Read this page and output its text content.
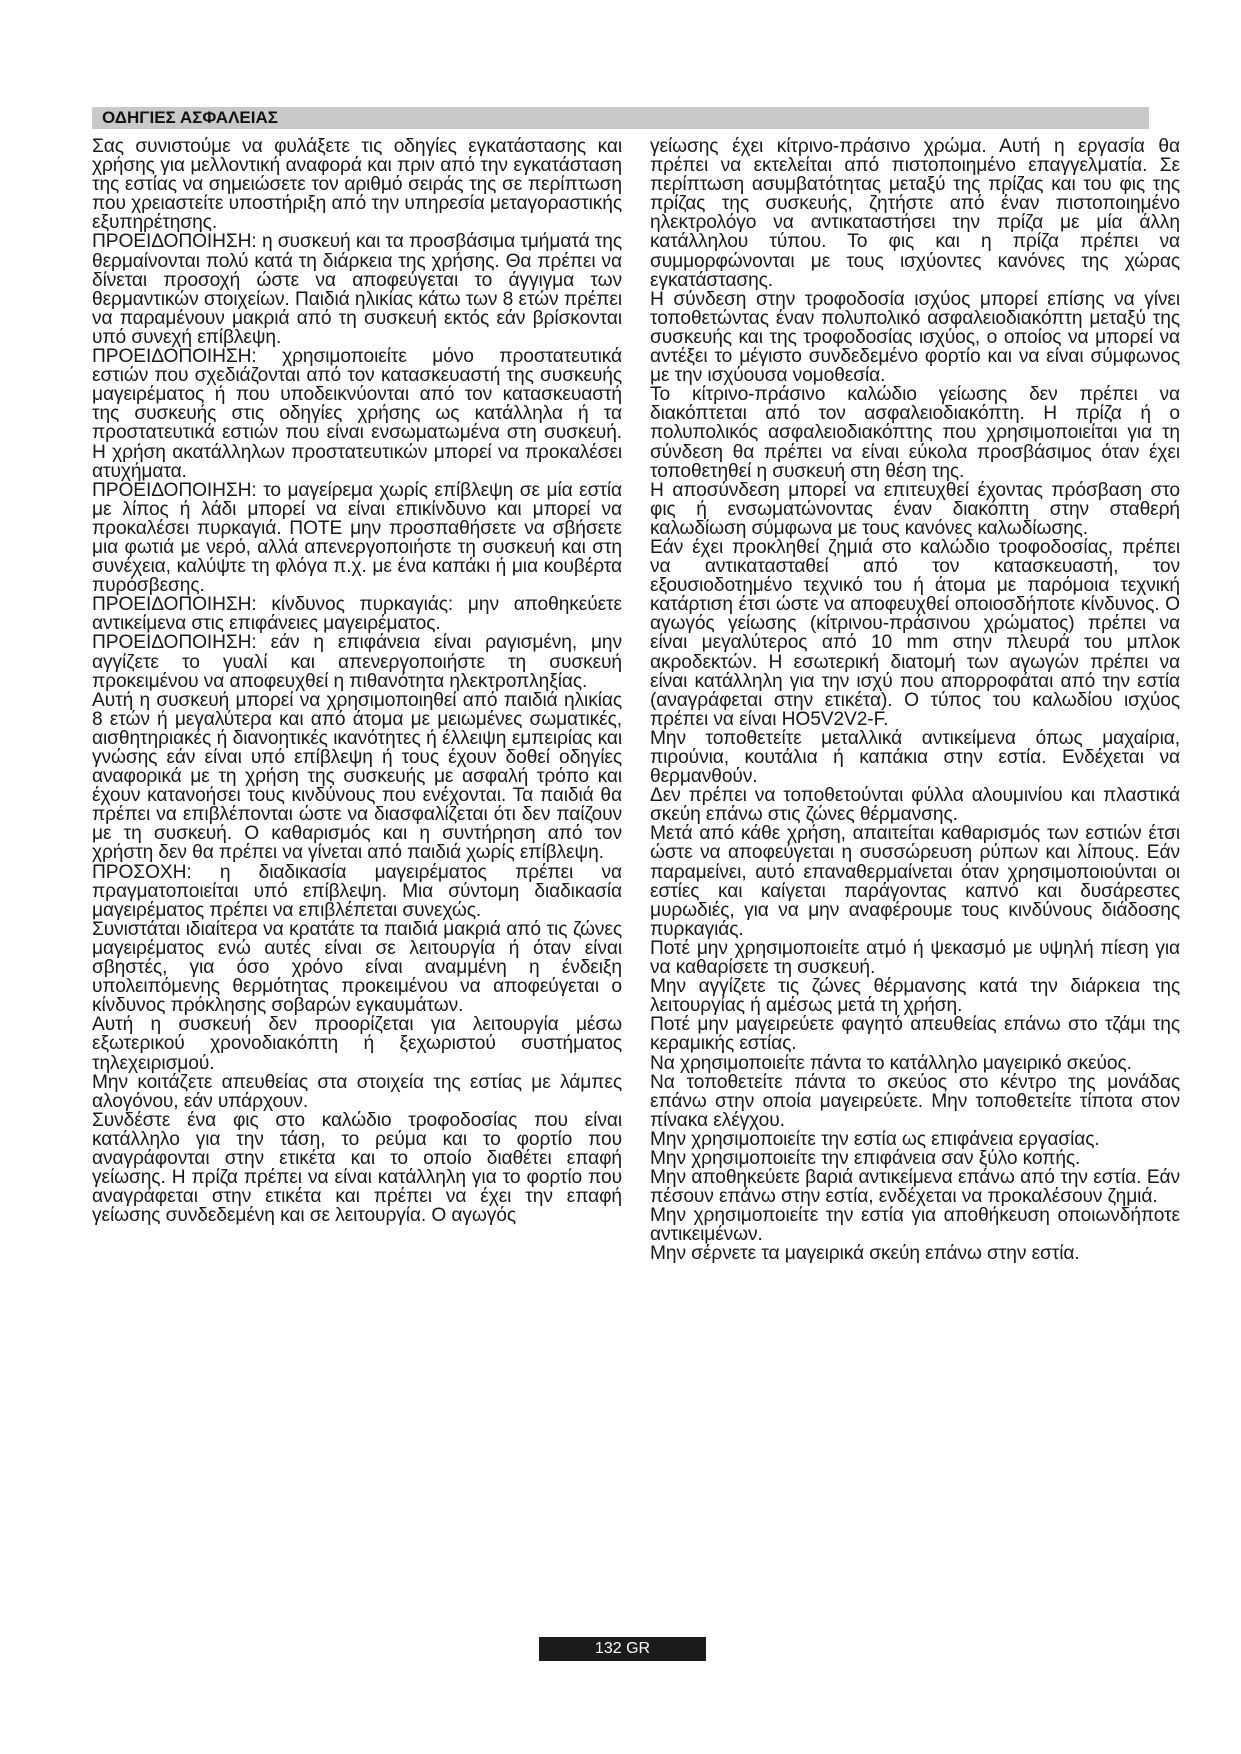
ΟΔΗΓΙΕΣ ΑΣΦΑΛΕΙΑΣ

Σας συνιστούμε να φυλάξετε τις οδηγίες εγκατάστασης και χρήσης για μελλοντική αναφορά και πριν από την εγκατάσταση της εστίας να σημειώσετε τον αριθμό σειράς της σε περίπτωση που χρειαστείτε υποστήριξη από την υπηρεσία μεταγοραστικής εξυπηρέτησης.

ΠΡΟΕΙΔΟΠΟΙΗΣΗ: η συσκευή και τα προσβάσιμα τμήματά της θερμαίνονται πολύ κατά τη διάρκεια της χρήσης. Θα πρέπει να δίνεται προσοχή ώστε να αποφεύγεται το άγγιγμα των θερμαντικών στοιχείων. Παιδιά ηλικίας κάτω των 8 ετών πρέπει να παραμένουν μακριά από τη συσκευή εκτός εάν βρίσκονται υπό συνεχή επίβλεψη.

ΠΡΟΕΙΔΟΠΟΙΗΣΗ: χρησιμοποιείτε μόνο προστατευτικά εστιών που σχεδιάζονται από τον κατασκευαστή της συσκευής μαγειρέματος ή που υποδεικνύονται από τον κατασκευαστή της συσκευής στις οδηγίες χρήσης ως κατάλληλα ή τα προστατευτικά εστιών που είναι ενσωματωμένα στη συσκευή. Η χρήση ακατάλληλων προστατευτικών μπορεί να προκαλέσει ατυχήματα.

ΠΡΟΕΙΔΟΠΟΙΗΣΗ: το μαγείρεμα χωρίς επίβλεψη σε μία εστία με λίπος ή λάδι μπορεί να είναι επικίνδυνο και μπορεί να προκαλέσει πυρκαγιά. ΠΟΤΕ μην προσπαθήσετε να σβήσετε μια φωτιά με νερό, αλλά απενεργοποιήστε τη συσκευή και στη συνέχεια, καλύψτε τη φλόγα π.χ. με ένα καπάκι ή μια κουβέρτα πυρόσβεσης.

ΠΡΟΕΙΔΟΠΟΙΗΣΗ: κίνδυνος πυρκαγιάς: μην αποθηκεύετε αντικείμενα στις επιφάνειες μαγειρέματος.

ΠΡΟΕΙΔΟΠΟΙΗΣΗ: εάν η επιφάνεια είναι ραγισμένη, μην αγγίζετε το γυαλί και απενεργοποιήστε τη συσκευή προκειμένου να αποφευχθεί η πιθανότητα ηλεκτροπληξίας.

Αυτή η συσκευή μπορεί να χρησιμοποιηθεί από παιδιά ηλικίας 8 ετών ή μεγαλύτερα και από άτομα με μειωμένες σωματικές, αισθητηριακές ή διανοητικές ικανότητες ή έλλειψη εμπειρίας και γνώσης εάν είναι υπό επίβλεψη ή τους έχουν δοθεί οδηγίες αναφορικά με τη χρήση της συσκευής με ασφαλή τρόπο και έχουν κατανοήσει τους κινδύνους που ενέχονται. Τα παιδιά θα πρέπει να επιβλέπονται ώστε να διασφαλίζεται ότι δεν παίζουν με τη συσκευή. Ο καθαρισμός και η συντήρηση από τον χρήστη δεν θα πρέπει να γίνεται από παιδιά χωρίς επίβλεψη.

ΠΡΟΣΟΧΗ: η διαδικασία μαγειρέματος πρέπει να πραγματοποιείται υπό επίβλεψη. Μια σύντομη διαδικασία μαγειρέματος πρέπει να επιβλέπεται συνεχώς.

Συνιστάται ιδιαίτερα να κρατάτε τα παιδιά μακριά από τις ζώνες μαγειρέματος ενώ αυτές είναι σε λειτουργία ή όταν είναι σβηστές, για όσο χρόνο είναι αναμμένη η ένδειξη υπολειπόμενης θερμότητας προκειμένου να αποφεύγεται ο κίνδυνος πρόκλησης σοβαρών εγκαυμάτων.

Αυτή η συσκευή δεν προορίζεται για λειτουργία μέσω εξωτερικού χρονοδιακόπτη ή ξεχωριστού συστήματος τηλεχειρισμού.

Μην κοιτάζετε απευθείας στα στοιχεία της εστίας με λάμπες αλογόνου, εάν υπάρχουν.

Συνδέστε ένα φις στο καλώδιο τροφοδοσίας που είναι κατάλληλο για την τάση, το ρεύμα και το φορτίο που αναγράφονται στην ετικέτα και το οποίο διαθέτει επαφή γείωσης. Η πρίζα πρέπει να είναι κατάλληλη για το φορτίο που αναγράφεται στην ετικέτα και πρέπει να έχει την επαφή γείωσης συνδεδεμένη και σε λειτουργία. Ο αγωγός

γείωσης έχει κίτρινο-πράσινο χρώμα. Αυτή η εργασία θα πρέπει να εκτελείται από πιστοποιημένο επαγγελματία. Σε περίπτωση ασυμβατότητας μεταξύ της πρίζας και του φις της πρίζας της συσκευής, ζητήστε από έναν πιστοποιημένο ηλεκτρολόγο να αντικαταστήσει την πρίζα με μία άλλη κατάλληλου τύπου. Το φις και η πρίζα πρέπει να συμμορφώνονται με τους ισχύοντες κανόνες της χώρας εγκατάστασης.

Η σύνδεση στην τροφοδοσία ισχύος μπορεί επίσης να γίνει τοποθετώντας έναν πολυπολικό ασφαλειοδιακόπτη μεταξύ της συσκευής και της τροφοδοσίας ισχύος, ο οποίος να μπορεί να αντέξει το μέγιστο συνδεδεμένο φορτίο και να είναι σύμφωνος με την ισχύουσα νομοθεσία.

Το κίτρινο-πράσινο καλώδιο γείωσης δεν πρέπει να διακόπτεται από τον ασφαλειοδιακόπτη. Η πρίζα ή ο πολυπολικός ασφαλειοδιακόπτης που χρησιμοποιείται για τη σύνδεση θα πρέπει να είναι εύκολα προσβάσιμος όταν έχει τοποθετηθεί η συσκευή στη θέση της.

Η αποσύνδεση μπορεί να επιτευχθεί έχοντας πρόσβαση στο φις ή ενσωματώνοντας έναν διακόπτη στην σταθερή καλωδίωση σύμφωνα με τους κανόνες καλωδίωσης.

Εάν έχει προκληθεί ζημιά στο καλώδιο τροφοδοσίας, πρέπει να αντικατασταθεί από τον κατασκευαστή, τον εξουσιοδοτημένο τεχνικό του ή άτομα με παρόμοια τεχνική κατάρτιση έτσι ώστε να αποφευχθεί οποιοσδήποτε κίνδυνος. Ο αγωγός γείωσης (κίτρινου-πράσινου χρώματος) πρέπει να είναι μεγαλύτερος από 10 mm στην πλευρά του μπλοκ ακροδεκτών. Η εσωτερική διατομή των αγωγών πρέπει να είναι κατάλληλη για την ισχύ που απορροφάται από την εστία (αναγράφεται στην ετικέτα). Ο τύπος του καλωδίου ισχύος πρέπει να είναι HO5V2V2-F.

Μην τοποθετείτε μεταλλικά αντικείμενα όπως μαχαίρια, πιρούνια, κουτάλια ή καπάκια στην εστία. Ενδέχεται να θερμανθούν.

Δεν πρέπει να τοποθετούνται φύλλα αλουμινίου και πλαστικά σκεύη επάνω στις ζώνες θέρμανσης.

Μετά από κάθε χρήση, απαιτείται καθαρισμός των εστιών έτσι ώστε να αποφεύγεται η συσσώρευση ρύπων και λίπους. Εάν παραμείνει, αυτό επαναθερμαίνεται όταν χρησιμοποιούνται οι εστίες και καίγεται παράγοντας καπνό και δυσάρεστες μυρωδιές, για να μην αναφέρουμε τους κινδύνους διάδοσης πυρκαγιάς.

Ποτέ μην χρησιμοποιείτε ατμό ή ψεκασμό με υψηλή πίεση για να καθαρίσετε τη συσκευή.

Μην αγγίζετε τις ζώνες θέρμανσης κατά την διάρκεια της λειτουργίας ή αμέσως μετά τη χρήση.

Ποτέ μην μαγειρεύετε φαγητό απευθείας επάνω στο τζάμι της κεραμικής εστίας.

Να χρησιμοποιείτε πάντα το κατάλληλο μαγειρικό σκεύος.

Να τοποθετείτε πάντα το σκεύος στο κέντρο της μονάδας επάνω στην οποία μαγειρεύετε. Μην τοποθετείτε τίποτα στον πίνακα ελέγχου.

Μην χρησιμοποιείτε την εστία ως επιφάνεια εργασίας.

Μην χρησιμοποιείτε την επιφάνεια σαν ξύλο κοπής.

Μην αποθηκεύετε βαριά αντικείμενα επάνω από την εστία. Εάν πέσουν επάνω στην εστία, ενδέχεται να προκαλέσουν ζημιά.

Μην χρησιμοποιείτε την εστία για αποθήκευση οποιωνδήποτε αντικειμένων.

Μην σέρνετε τα μαγειρικά σκεύη επάνω στην εστία.

132 GR
